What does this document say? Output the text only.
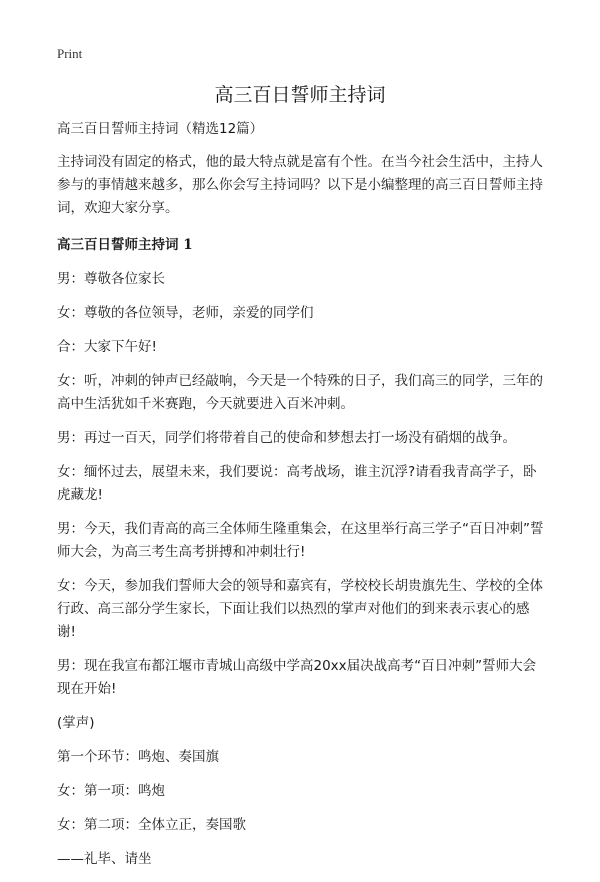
Print
高三百日誓师主持词

高三百日誓师主持词（精选12篇）

主持词没有固定的格式，他的最大特点就是富有个性。在当今社会生活中，主持人参与的事情越来越多，那么你会写主持词吗？以下是小编整理的高三百日誓师主持词，欢迎大家分享。

高三百日誓师主持词 1

男：尊敬各位家长
女：尊敬的各位领导，老师，亲爱的同学们
合：大家下午好!
女：听，冲刺的钟声已经敲响，今天是一个特殊的日子，我们高三的同学，三年的高中生活犹如千米赛跑，今天就要进入百米冲刺。
男：再过一百天，同学们将带着自己的使命和梦想去打一场没有硝烟的战争。
女：缅怀过去，展望未来，我们要说：高考战场，谁主沉浮?请看我青高学子，卧虎藏龙!
男：今天，我们青高的高三全体师生隆重集会，在这里举行高三学子“百日冲刺”誓师大会，为高三考生高考拼搏和冲刺壮行!
女：今天，参加我们誓师大会的领导和嘉宾有，学校校长胡贵旗先生、学校的全体行政、高三部分学生家长，下面让我们以热烈的掌声对他们的到来表示衷心的感谢!
男：现在我宣布都江堰市青城山高级中学高20xx届决战高考“百日冲刺”誓师大会现在开始!
(掌声)
第一个环节：鸣炮、奏国旗
女：第一项：鸣炮
女：第二项：全体立正，奏国歌
——礼毕、请坐
